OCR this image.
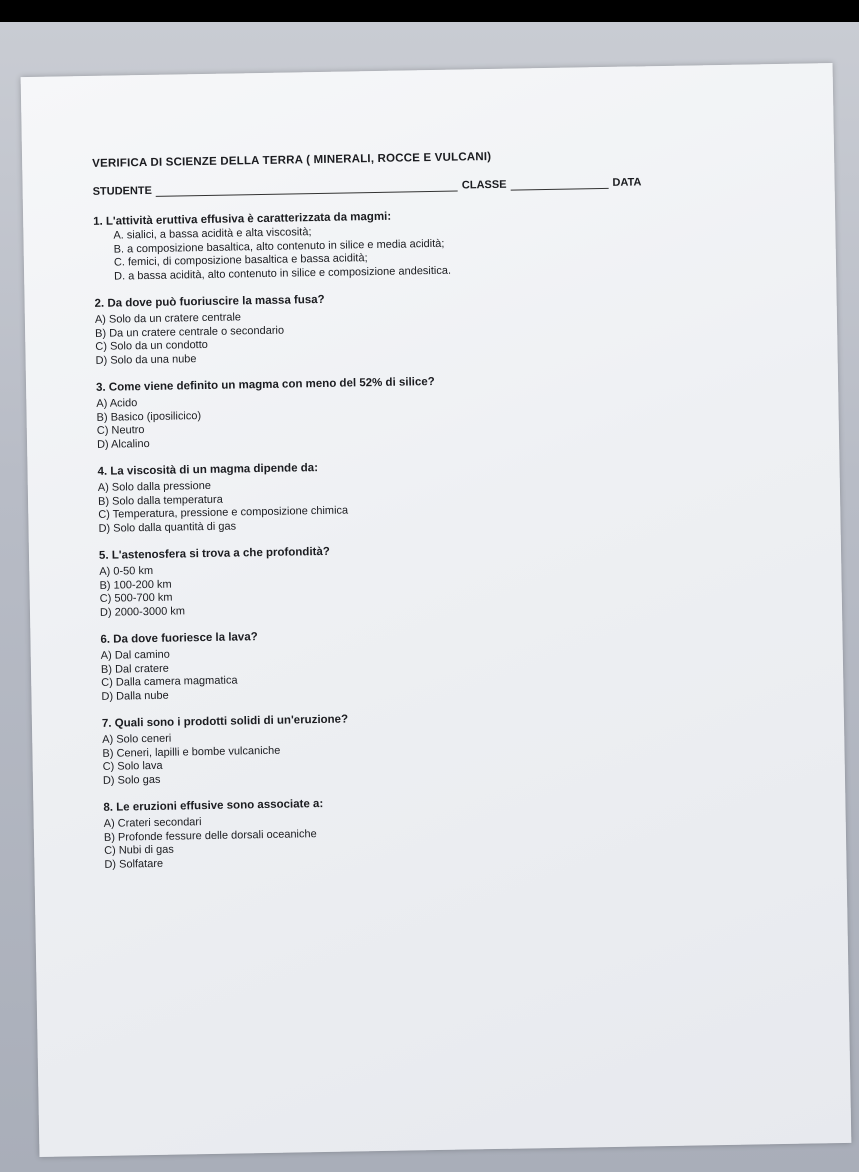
VERIFICA DI SCIENZE DELLA TERRA ( MINERALI, ROCCE E VULCANI)
STUDENTE	CLASSE	DATA
1. L'attività eruttiva effusiva è caratterizzata da magmi:
A. sialici, a bassa acidità e alta viscosità;
B. a composizione basaltica, alto contenuto in silice e media acidità;
C. femici, di composizione basaltica e bassa acidità;
D. a bassa acidità, alto contenuto in silice e composizione andesitica.
2. Da dove può fuoriuscire la massa fusa?
A) Solo da un cratere centrale
B) Da un cratere centrale o secondario
C) Solo da un condotto
D) Solo da una nube
3. Come viene definito un magma con meno del 52% di silice?
A) Acido
B) Basico (iposilicico)
C) Neutro
D) Alcalino
4. La viscosità di un magma dipende da:
A) Solo dalla pressione
B) Solo dalla temperatura
C) Temperatura, pressione e composizione chimica
D) Solo dalla quantità di gas
5. L'astenosfera si trova a che profondità?
A) 0-50 km
B) 100-200 km
C) 500-700 km
D) 2000-3000 km
6. Da dove fuoriesce la lava?
A) Dal camino
B) Dal cratere
C) Dalla camera magmatica
D) Dalla nube
7. Quali sono i prodotti solidi di un'eruzione?
A) Solo ceneri
B) Ceneri, lapilli e bombe vulcaniche
C) Solo lava
D) Solo gas
8. Le eruzioni effusive sono associate a:
A) Crateri secondari
B) Profonde fessure delle dorsali oceaniche
C) Nubi di gas
D) Solfatare
